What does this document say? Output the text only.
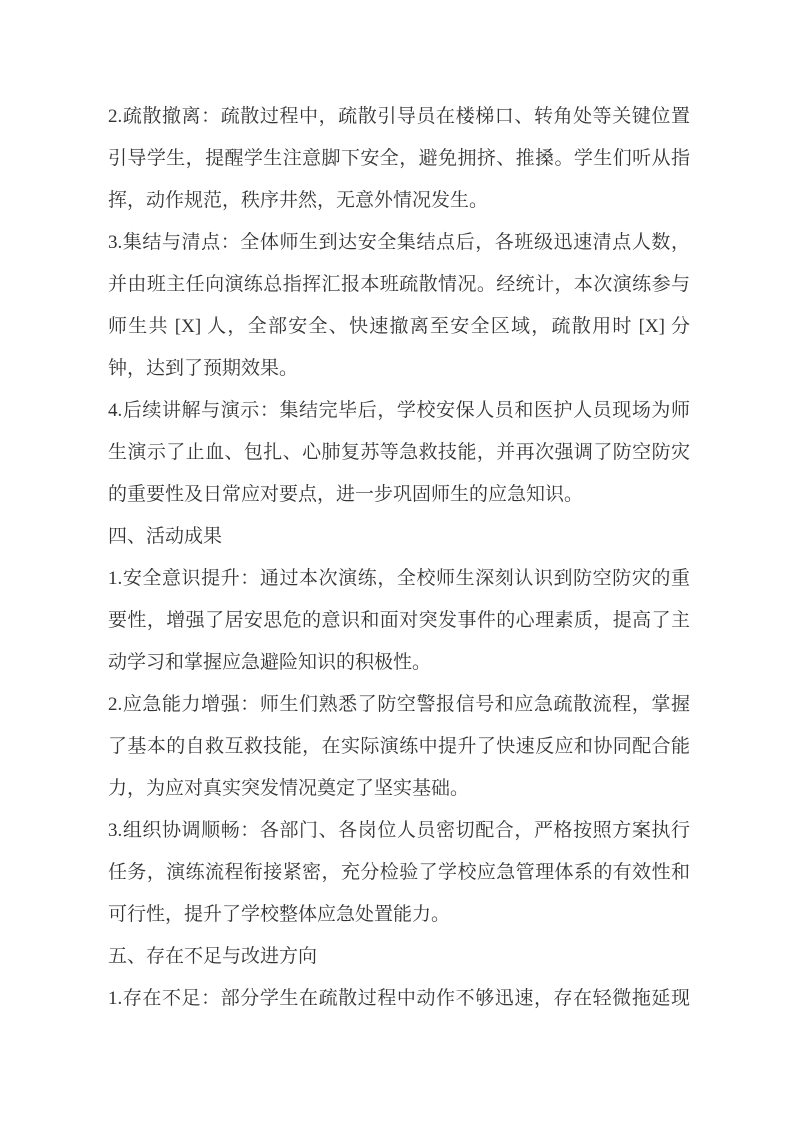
2.疏散撤离：疏散过程中，疏散引导员在楼梯口、转角处等关键位置
引导学生，提醒学生注意脚下安全，避免拥挤、推搡。学生们听从指
挥，动作规范，秩序井然，无意外情况发生。
3.集结与清点：全体师生到达安全集结点后，各班级迅速清点人数，
并由班主任向演练总指挥汇报本班疏散情况。经统计，本次演练参与
师生共 [X] 人，全部安全、快速撤离至安全区域，疏散用时 [X] 分
钟，达到了预期效果。
4.后续讲解与演示：集结完毕后，学校安保人员和医护人员现场为师
生演示了止血、包扎、心肺复苏等急救技能，并再次强调了防空防灾
的重要性及日常应对要点，进一步巩固师生的应急知识。
四、活动成果
1.安全意识提升：通过本次演练，全校师生深刻认识到防空防灾的重
要性，增强了居安思危的意识和面对突发事件的心理素质，提高了主
动学习和掌握应急避险知识的积极性。
2.应急能力增强：师生们熟悉了防空警报信号和应急疏散流程，掌握
了基本的自救互救技能，在实际演练中提升了快速反应和协同配合能
力，为应对真实突发情况奠定了坚实基础。
3.组织协调顺畅：各部门、各岗位人员密切配合，严格按照方案执行
任务，演练流程衔接紧密，充分检验了学校应急管理体系的有效性和
可行性，提升了学校整体应急处置能力。
五、存在不足与改进方向
1.存在不足：部分学生在疏散过程中动作不够迅速，存在轻微拖延现
